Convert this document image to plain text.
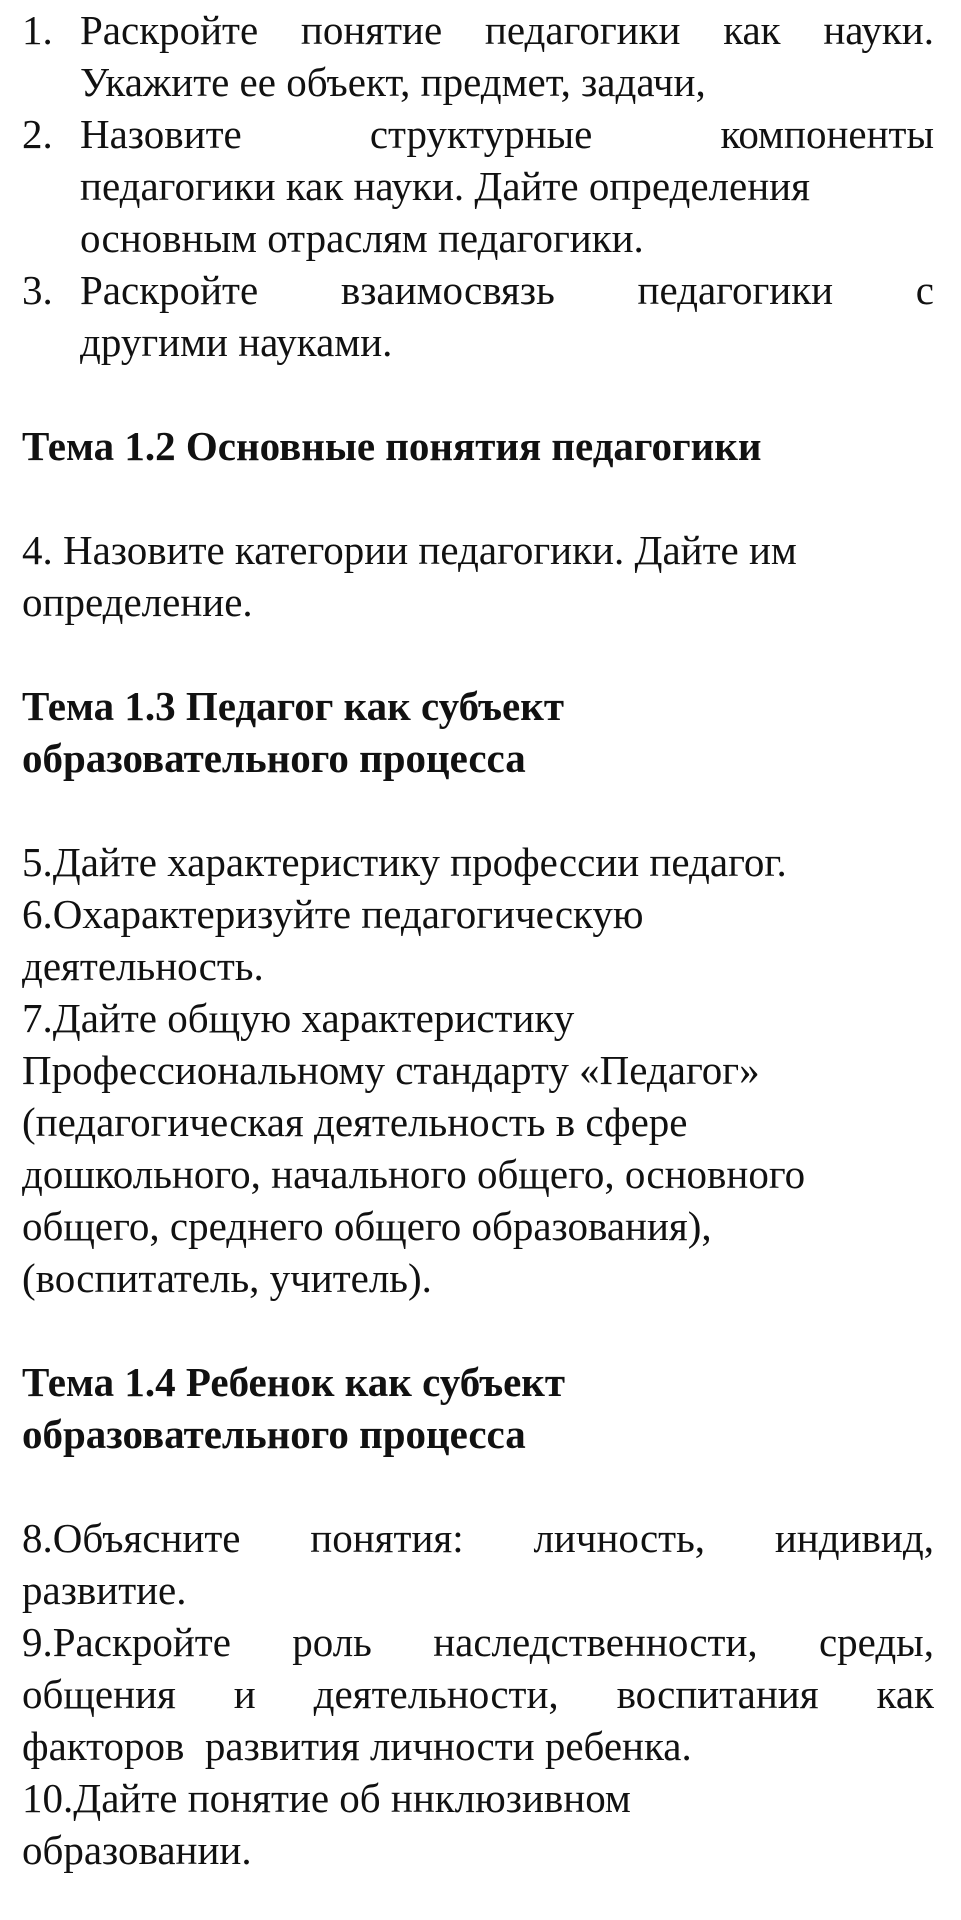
1. Раскройте понятие педагогики как науки.
Укажите ее объект, предмет, задачи,
2. Назовите	структурные	компоненты
педагогики как науки. Дайте определения
основным отраслям педагогики.
3. Раскройте взаимосвязь педагогики с
другими науками.
Тема 1.2 Основные понятия педагогики
4. Назовите категории педагогики. Дайте им
определение.
Тема 1.3 Педагог как субъект
образовательного процесса
5.Дайте характеристику профессии педагог.
6.Охарактеризуйте педагогическую
деятельность.
7.Дайте общую характеристику
Профессиональному стандарту «Педагог»
(педагогическая деятельность в сфере
дошкольного, начального общего, основного
общего, среднего общего образования),
(воспитатель, учитель).
Тема 1.4 Ребенок как субъект
образовательного процесса
8.Объясните понятия: личность, индивид,
развитие.
9.Раскройте роль наследственности, среды,
общения и деятельности, воспитания как
факторов  развития личности ребенка.
10.Дайте понятие об ннклюзивном
образовании.
